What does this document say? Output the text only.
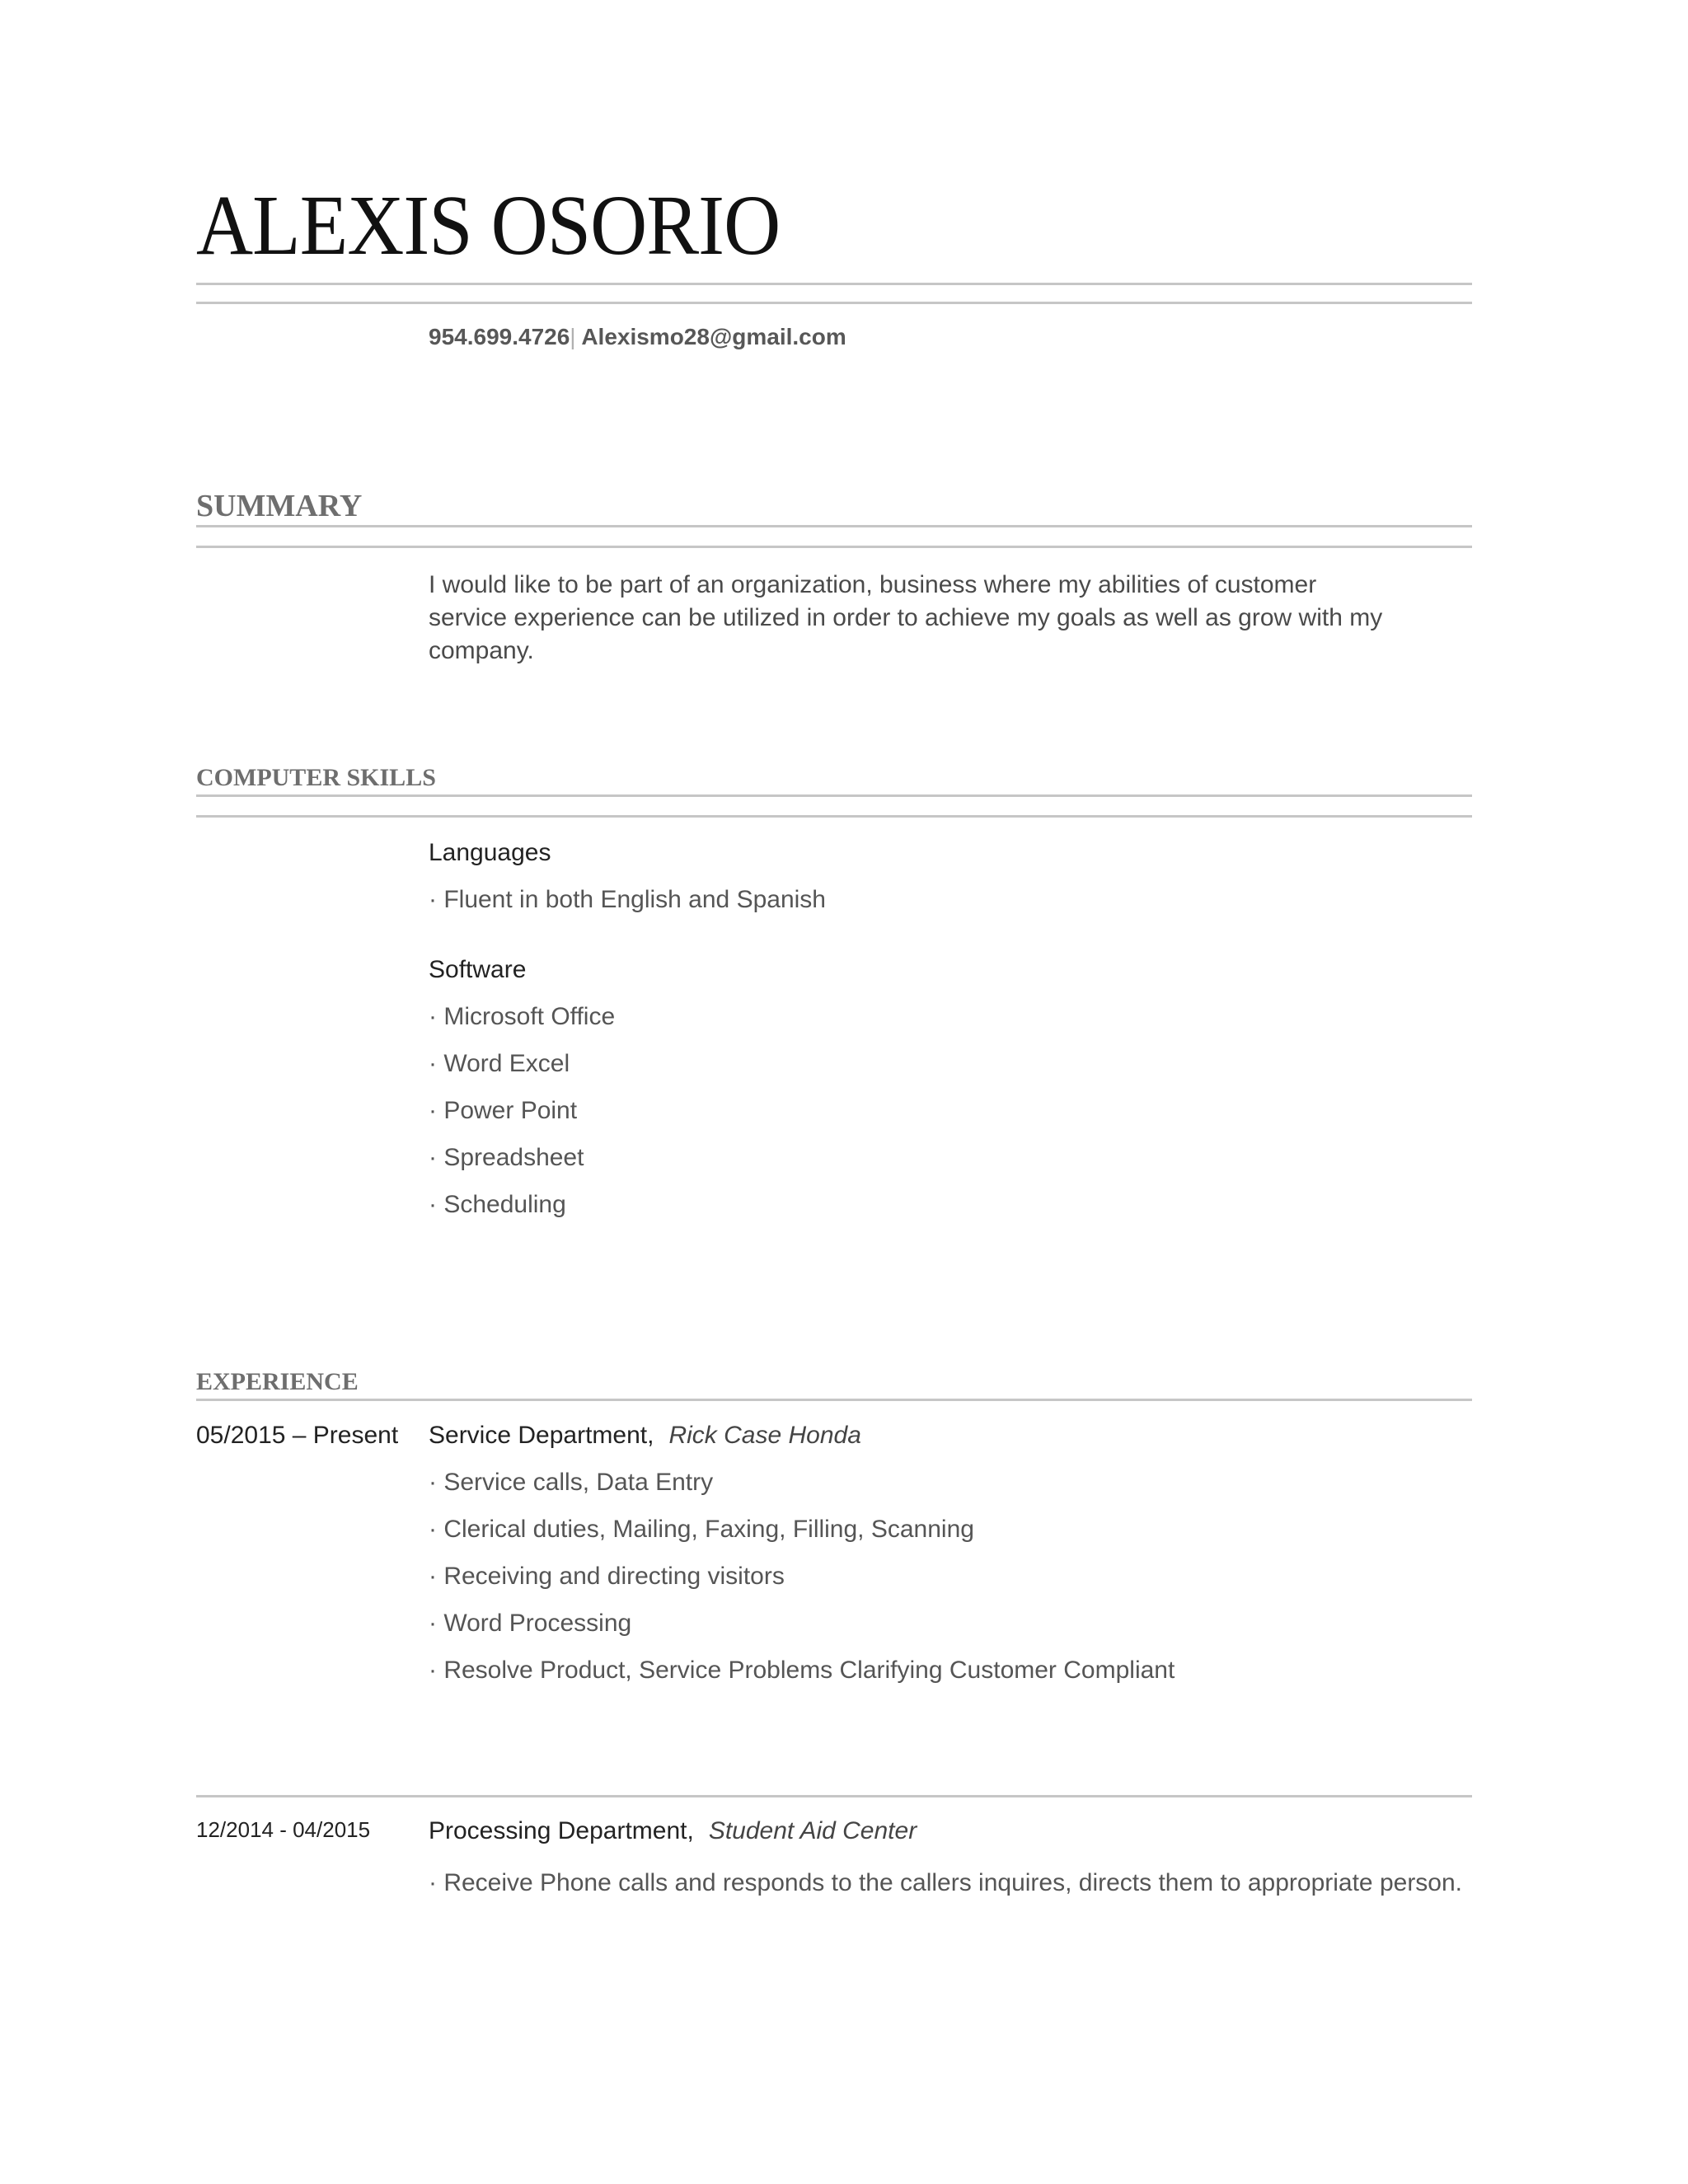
ALEXIS OSORIO
954.699.4726| Alexismo28@gmail.com
SUMMARY
I would like to be part of an organization, business where my abilities of customer service experience can be utilized in order to achieve my goals as well as grow with my company.
COMPUTER SKILLS
Languages
· Fluent in both English and Spanish
Software
· Microsoft Office
· Word Excel
· Power Point
· Spreadsheet
· Scheduling
EXPERIENCE
05/2015 – Present Service Department, Rick Case Honda
· Service calls, Data Entry
· Clerical duties, Mailing, Faxing, Filling, Scanning
· Receiving and directing visitors
· Word Processing
· Resolve Product, Service Problems Clarifying Customer Compliant
12/2014 - 04/2015 Processing Department, Student Aid Center
· Receive Phone calls and responds to the callers inquires, directs them to appropriate person.
